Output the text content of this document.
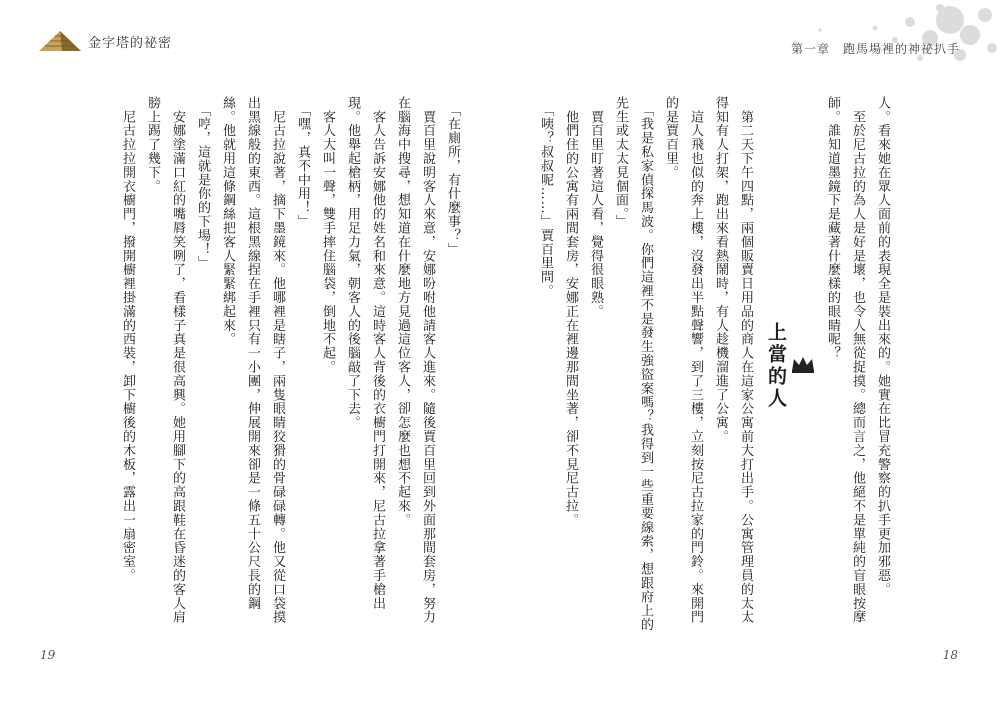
金字塔的祕密	第一章　跑馬場裡的神祕扒手

人。看來她在眾人面前的表現全是裝出來的。她實在比冒充警察的扒手更加邪惡。

　至於尼古拉的為人是好是壞，也令人無從捉摸。總而言之，他絕不是單純的盲眼按摩師。誰知道墨鏡下是藏著什麼樣的眼睛呢？

上當的人

　第二天下午四點，兩個販賣日用品的商人在這家公寓前大打出手。公寓管理員的太太得知有人打架，跑出來看熱鬧時，有人趁機溜進了公寓。

　這人飛也似的奔上樓，沒發出半點聲響，到了三樓，立刻按尼古拉家的門鈴。來開門的是賈百里。

　「我是私家偵探馬波。你們這裡不是發生強盜案嗎？我得到一些重要線索，想跟府上的先生或太太見個面。」

　賈百里盯著這人看，覺得很眼熟。

　他們住的公寓有兩間套房，安娜正在裡邊那間坐著，卻不見尼古拉。

　「咦？叔叔呢……」賈百里問。

　「在廁所，有什麼事？」

　賈百里說明客人來意，安娜吩咐他請客人進來。隨後賈百里回到外面那間套房，努力在腦海中搜尋，想知道在什麼地方見過這位客人，卻怎麼也想不起來。

　客人告訴安娜他的姓名和來意。這時客人背後的衣櫥門打開來，尼古拉拿著手槍出現。他舉起槍柄，用足力氣，朝客人的後腦敲了下去。

　客人大叫一聲，雙手摔住腦袋，倒地不起。

　「嘿，真不中用！」

　尼古拉說著，摘下墨鏡來。他哪裡是瞎子，兩隻眼睛狡猾的骨碌碌轉。他又從口袋摸出黑線般的東西。這根黑線捏在手裡只有一小團，伸展開來卻是一條五十公尺長的鋼絲。他就用這條鋼絲把客人緊緊綁起來。

　「哼，這就是你的下場！」

　安娜塗滿口紅的嘴脣笑咧了，看樣子真是很高興。她用腳下的高跟鞋在昏迷的客人肩膀上踢了幾下。

　尼古拉拉開衣櫥門，撥開櫥裡掛滿的西裝，卸下櫥後的木板，露出一扇密室。

19	18
